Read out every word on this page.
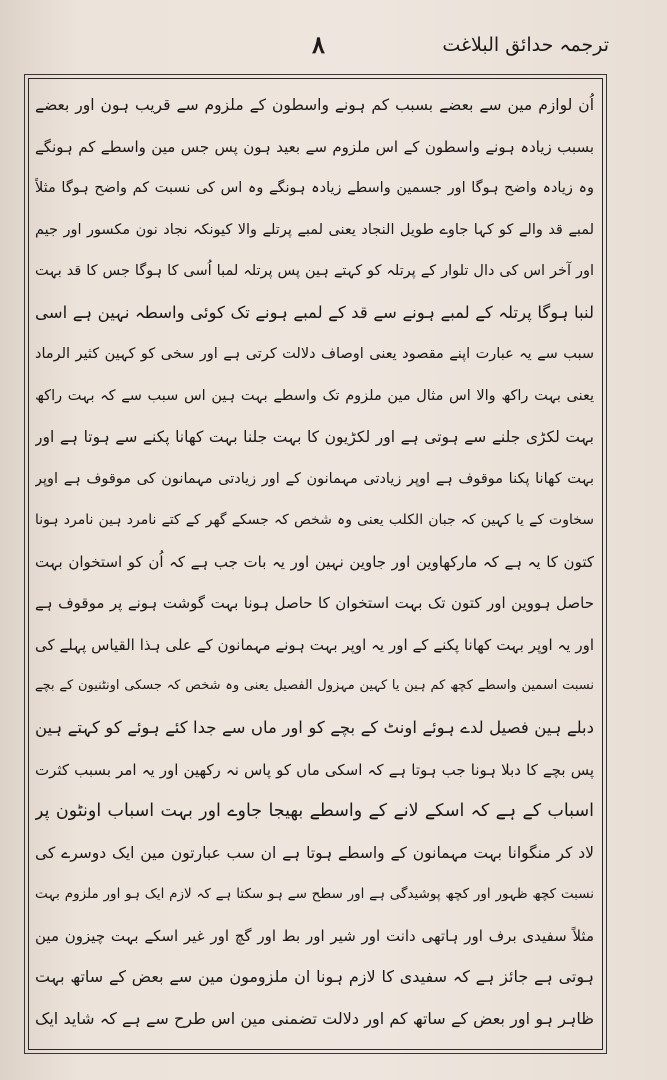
۸	ترجمہ حدائق البلاغت
اُن لوازم مین سے بعضے بسبب کم ہونے واسطون کے ملزوم سے قریب ہون اور بعضے
بسبب زیادہ ہونے واسطون کے اس ملزوم سے بعید ہون پس جس مین واسطے کم ہونگے
وہ زیادہ واضح ہوگا اور جسمین واسطے زیادہ ہونگے وہ اس کی نسبت کم واضح ہوگا مثلاً
لمبے قد والے کو کہا جاوے طویل النجاد یعنی لمبے پرتلے والا کیونکہ نجاد نون مکسور اور جیم
اور آخر اس کی دال تلوار کے پرتلہ کو کہتے ہین پس پرتلہ لمبا اُسی کا ہوگا جس کا قد بہت
لنبا ہوگا پرتلہ کے لمبے ہونے سے قد کے لمبے ہونے تک کوئی واسطہ نہین ہے اسی
سبب سے یہ عبارت اپنے مقصود یعنی اوصاف دلالت کرتی ہے اور سخی کو کہین کثیر الرماد
یعنی بہت راکھ والا اس مثال مین ملزوم تک واسطے بہت ہین اس سبب سے کہ بہت راکھ
بہت لکڑی جلنے سے ہوتی ہے اور لکڑیون کا بہت جلنا بہت کھانا پکنے سے ہوتا ہے اور
بہت کھانا پکنا موقوف ہے اوپر زیادتی مہمانون کے اور زیادتی مہمانون کی موقوف ہے اوپر
سخاوت کے یا کہین کہ جبان الکلب یعنی وہ شخص کہ جسکے گھر کے کتے نامرد ہین نامرد ہونا
کتون کا یہ ہے کہ مارکھاوین اور جاوین نہین اور یہ بات جب ہے کہ اُن کو استخوان بہت
حاصل ہووین اور کتون تک بہت استخوان کا حاصل ہونا بہت گوشت ہونے پر موقوف ہے
اور یہ اوپر بہت کھانا پکنے کے اور یہ اوپر بہت ہونے مہمانون کے علی ہذا القیاس پہلے کی
نسبت اسمین واسطے کچھ کم ہین یا کہین مہزول الفصیل یعنی وہ شخص کہ جسکی اونٹنیون کے بچے
دبلے ہین فصیل لدے ہوئے اونٹ کے بچے کو اور ماں سے جدا کئے ہوئے کو کہتے ہین
پس بچے کا دبلا ہونا جب ہوتا ہے کہ اسکی ماں کو پاس نہ رکھین اور یہ امر بسبب کثرت
اسباب کے ہے کہ اسکے لانے کے واسطے بھیجا جاوے اور بہت اسباب اونٹون پر
لاد کر منگوانا بہت مہمانون کے واسطے ہوتا ہے ان سب عبارتون مین ایک دوسرے کی
نسبت کچھ ظہور اور کچھ پوشیدگی ہے اور سطح سے ہو سکتا ہے کہ لازم ایک ہو اور ملزوم بہت
مثلاً سفیدی برف اور ہاتھی دانت اور شیر اور بط اور گچ اور غیر اسکے بہت چیزون مین
ہوتی ہے جائز ہے کہ سفیدی کا لازم ہونا ان ملزومون مین سے بعض کے ساتھ بہت
ظاہر ہو اور بعض کے ساتھ کم اور دلالت تضمنی مین اس طرح سے ہے کہ شاید ایک
